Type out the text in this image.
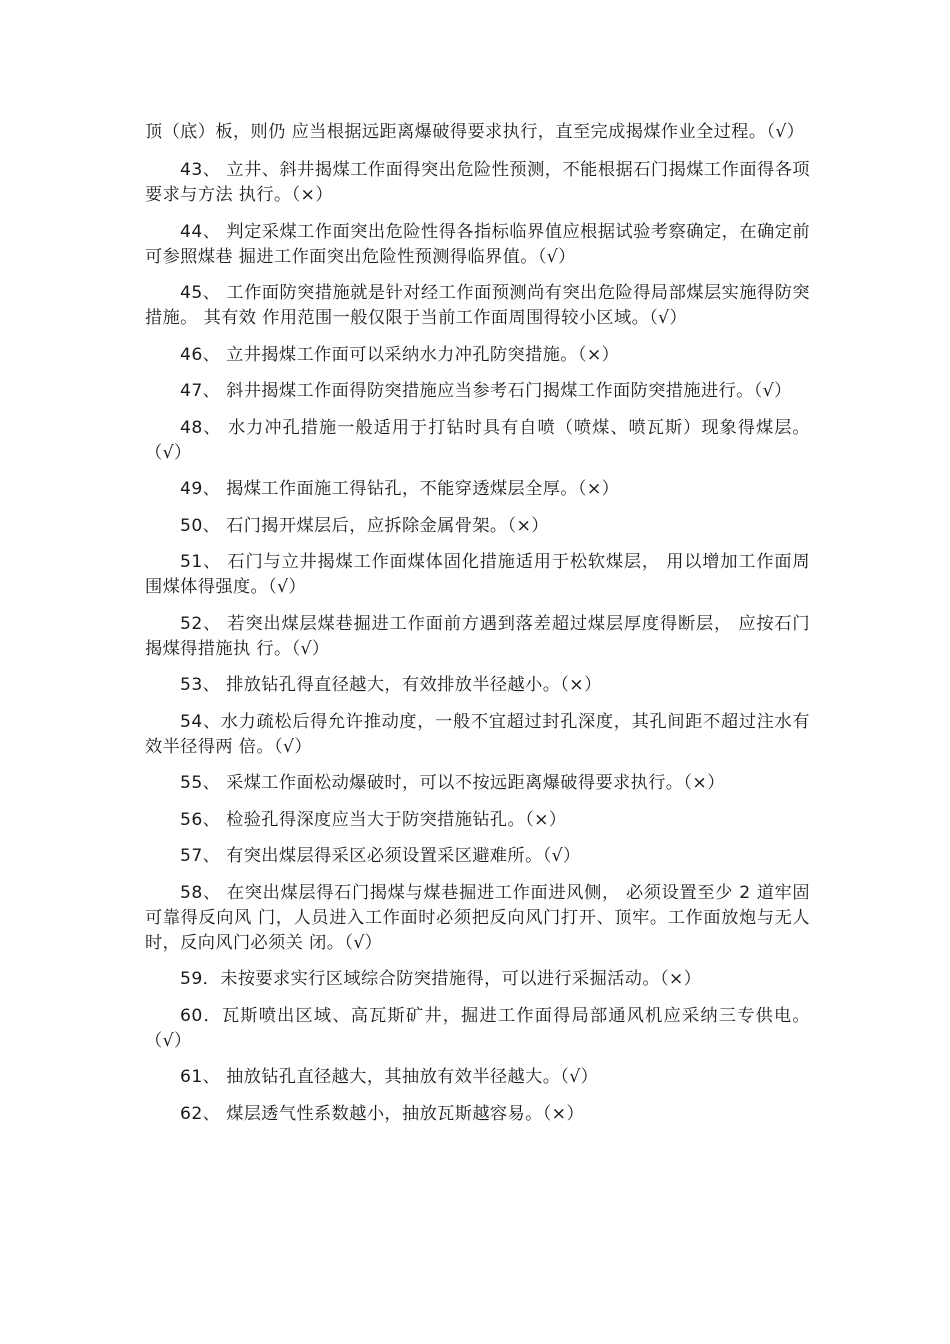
顶（底）板，则仍 应当根据远距离爆破得要求执行，直至完成揭煤作业全过程。（√）

43、 立井、斜井揭煤工作面得突出危险性预测，不能根据石门揭煤工作面得各项要求与方法 执行。（×）

44、 判定采煤工作面突出危险性得各指标临界值应根据试验考察确定，在确定前可参照煤巷 掘进工作面突出危险性预测得临界值。（√）

45、 工作面防突措施就是针对经工作面预测尚有突出危险得局部煤层实施得防突措施。 其有效 作用范围一般仅限于当前工作面周围得较小区域。（√）

46、 立井揭煤工作面可以采纳水力冲孔防突措施。（×）

47、 斜井揭煤工作面得防突措施应当参考石门揭煤工作面防突措施进行。（√）

48、 水力冲孔措施一般适用于打钻时具有自喷（喷煤、喷瓦斯）现象得煤层。（√）

49、 揭煤工作面施工得钻孔，不能穿透煤层全厚。（×）

50、 石门揭开煤层后，应拆除金属骨架。（×）

51、 石门与立井揭煤工作面煤体固化措施适用于松软煤层， 用以增加工作面周围煤体得强度。（√）

52、 若突出煤层煤巷掘进工作面前方遇到落差超过煤层厚度得断层， 应按石门揭煤得措施执 行。（√）

53、 排放钻孔得直径越大，有效排放半径越小。（×）

54、水力疏松后得允许推动度，一般不宜超过封孔深度，其孔间距不超过注水有效半径得两 倍。（√）

55、 采煤工作面松动爆破时，可以不按远距离爆破得要求执行。（×）

56、 检验孔得深度应当大于防突措施钻孔。（×）

57、 有突出煤层得采区必须设置采区避难所。（√）

58、 在突出煤层得石门揭煤与煤巷掘进工作面进风侧， 必须设置至少 2 道牢固可靠得反向风 门，人员进入工作面时必须把反向风门打开、顶牢。工作面放炮与无人时，反向风门必须关 闭。（√）

59．未按要求实行区域综合防突措施得，可以进行采掘活动。（×）

60．瓦斯喷出区域、高瓦斯矿井，掘进工作面得局部通风机应采纳三专供电。（√）

61、 抽放钻孔直径越大，其抽放有效半径越大。（√）

62、 煤层透气性系数越小，抽放瓦斯越容易。（×）
